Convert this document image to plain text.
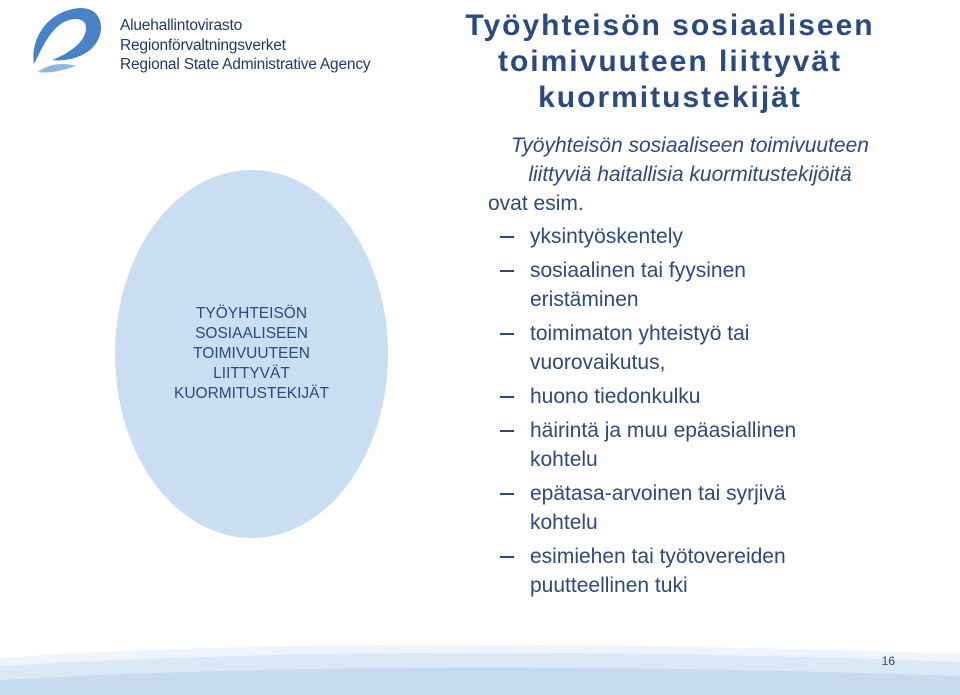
Aluehallintovirasto
Regionförvaltningsverket
Regional State Administrative Agency
Työyhteisön sosiaaliseen
toimivuuteen liittyvät
kuormitustekijät
TYÖYHTEISÖN
SOSIAALISEEN
TOIMIVUUTEEN
LIITTYVÄT
KUORMITUSTEKIJÄT
Työyhteisön sosiaaliseen toimivuuteen
liittyviä haitallisia kuormitustekijöitä
ovat esim.
yksintyöskentely
sosiaalinen tai fyysinen
eristäminen
toimimaton yhteistyö tai
vuorovaikutus,
huono tiedonkulku
häirintä ja muu epäasiallinen
kohtelu
epätasa-arvoinen tai syrjivä
kohtelu
esimiehen tai työtovereiden
puutteellinen tuki
16
